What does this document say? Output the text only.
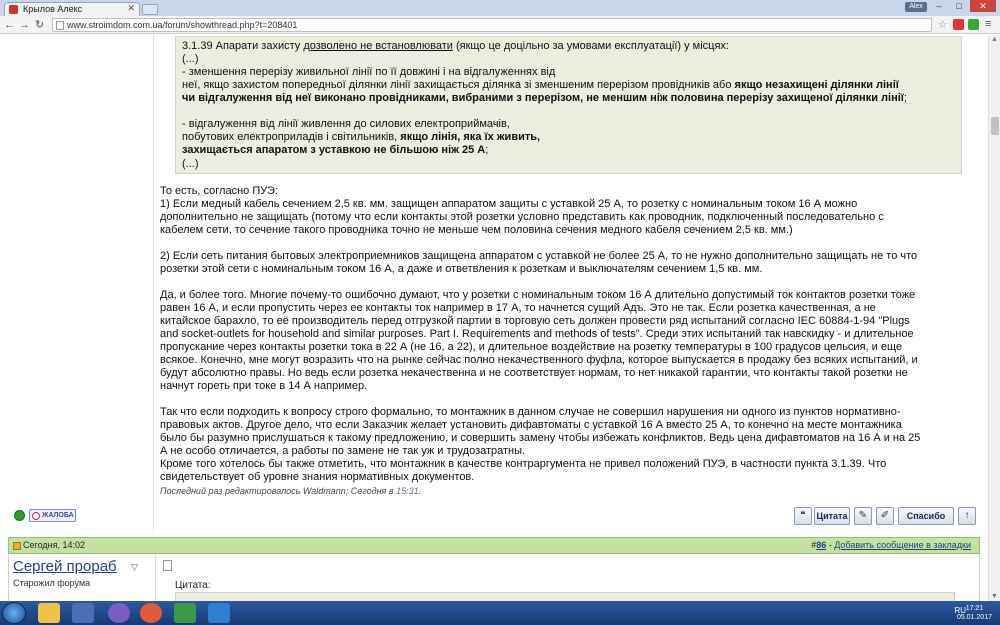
Крылов Алекс	✕	Alex	–	□	✕
← → ↻	www.stroimdom.com.ua/forum/showthread.php?t=208401	☆	≡
ЖАЛОБА
3.1.39 Апарати захисту дозволено не встановлювати (якщо це доцільно за умовами експлуатації) у місцях:
(...)
- зменшення перерізу живильної лінії по її довжині і на відгалуженнях від
неї, якщо захистом попередньої ділянки лінії захищається ділянка зі зменшеним перерізом провідників або якщо незахищені ділянки лінії
чи відгалуження від неї виконано провідниками, вибраними з перерізом, не меншим ніж половина перерізу захищеної ділянки лінії;
- відгалуження від лінії живлення до силових електроприймачів,
побутових електроприладів і світильників, якщо лінія, яка їх живить,
захищається апаратом з уставкою не більшою ніж 25 А;
(...)
То есть, согласно ПУЭ:
1) Если медный кабель сечением 2,5 кв. мм. защищен аппаратом защиты с уставкой 25 А, то розетку с номинальным током 16 А можно
дополнительно не защищать (потому что если контакты этой розетки условно представить как проводник, подключенный последовательно с
кабелем сети, то сечение такого проводника точно не меньше чем половина сечения медного кабеля сечением 2,5 кв. мм.)
2) Если сеть питания бытовых электроприемников защищена аппаратом с уставкой не более 25 А, то не нужно дополнительно защищать не то что
розетки этой сети с номинальным током 16 А, а даже и ответвления к розеткам и выключателям сечением 1,5 кв. мм.
Да, и более того. Многие почему-то ошибочно думают, что у розетки с номинальным током 16 А длительно допустимый ток контактов розетки тоже
равен 16 А, и если пропустить через ее контакты ток например в 17 А, то начнется сущий Адъ. Это не так. Если розетка качественная, а не
китайское барахло, то её производитель перед отгрузкой партии в торговую сеть должен провести ряд испытаний согласно IEC 60884-1-94 "Plugs
and socket-outlets for household and similar purposes. Part I. Requirements and methods of tests". Среди этих испытаний так навскидку - и длительное
пропускание через контакты розетки тока в 22 А (не 16, а 22), и длительное воздействие на розетку температуры в 100 градусов цельсия, и еще
всякое. Конечно, мне могут возразить что на рынке сейчас полно некачественного фуфла, которое выпускается в продажу без всяких испытаний, и
будут абсолютно правы. Но ведь если розетка некачественна и не соответствует нормам, то нет никакой гарантии, что контакты такой розетки не
начнут гореть при токе в 14 А например.
Так что если подходить к вопросу строго формально, то монтажник в данном случае не совершил нарушения ни одного из пунктов нормативно-
правовых актов. Другое дело, что если Заказчик желает установить дифавтоматы с уставкой 16 А вместо 25 А, то конечно на месте монтажника
было бы разумно прислушаться к такому предложению, и совершить замену чтобы избежать конфликтов. Ведь цена дифавтоматов на 16 А и на 25
А не особо отличается, а работы по замене не так уж и трудозатратны.
Кроме того хотелось бы также отметить, что монтажник в качестве контраргумента не привел положений ПУЭ, в частности пункта 3.1.39. Что
свидетельствует об уровне знания нормативных документов.
Последний раз редактировалось Waldmann; Сегодня в 15:31.
❝	Цитата	✎	✐	Спасибо	↑
Сегодня, 14:02	#86 - Добавить сообщение в закладки
Сергей прораб ▽
Старожил форума	Цитата:
▲
▼
RU 17:21
05.01.2017
